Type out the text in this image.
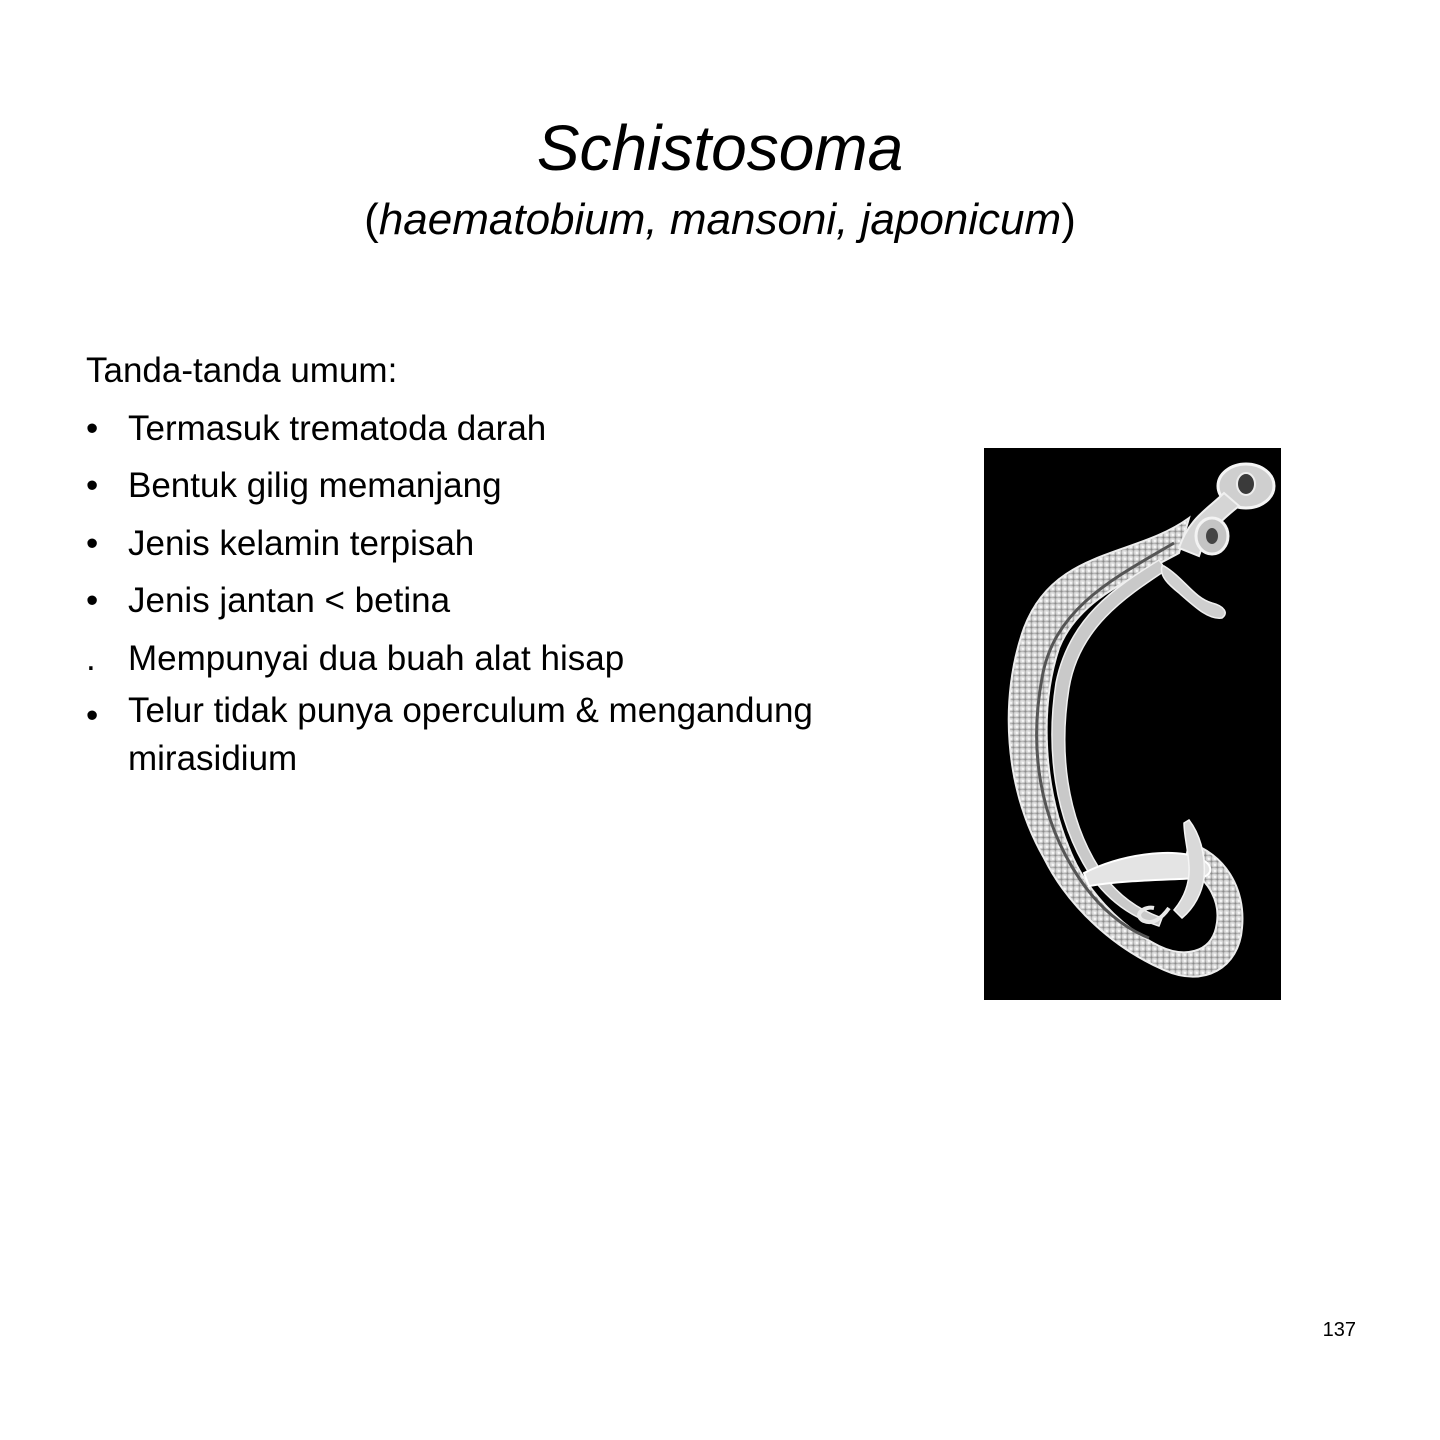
Schistosoma
(haematobium, mansoni, japonicum)
Tanda-tanda umum:
• Termasuk trematoda darah
• Bentuk gilig memanjang
• Jenis kelamin terpisah
• Jenis jantan < betina
. Mempunyai dua buah alat hisap
• Telur tidak punya operculum & mengandung
mirasidium
137
